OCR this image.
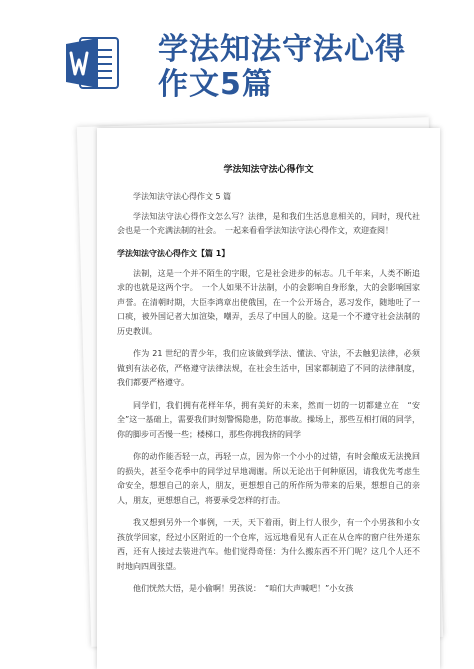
学法知法守法心得
作文5篇
学法知法守法心得作文
学法知法守法心得作文 5 篇
学法知法守法心得作文怎么写？法律，是和我们生活息息相关的，同时，现代社会也是一个充满法制的社会。　一起来看看学法知法守法心得作文，欢迎查阅！
学法知法守法心得作文【篇 1】
法制，这是一个并不陌生的字眼，它是社会进步的标志。几千年来，人类不断追求的也就是这两个字。　一个人如果不计法制，小的会影响自身形象，大的会影响国家声誉。在清朝时期，大臣李鸿章出使俄国，在一个公开场合，恶习发作，随地吐了一口痰，被外国记者大加渲染，嘲弄，丢尽了中国人的脸。这是一个不遵守社会法制的历史教训。
作为 21 世纪的青少年，我们应该做到学法、懂法、守法，不去触犯法律，必须做到有法必依，严格遵守法律法规，在社会生活中，国家都制造了不同的法律制度，我们都要严格遵守。
同学们，我们拥有花样年华，拥有美好的未来，然而一切的一切都建立在　“安全”这一基础上，需要我们时刻警惕隐患，防范事故。操场上，那些互相打闹的同学，你的脚步可否慢一些；楼梯口，那些你拥我挤的同学
你的动作能否轻一点，再轻一点，因为你一个小小的过错，有时会酿成无法挽回的损失，甚至令花季中的同学过早地凋谢。所以无论出于何种原因，请我优先考虑生命安全，想想自己的亲人，朋友，更想想自己的所作所为带来的后果，想想自己的亲人，朋友，更想想自己，将要承受怎样的打击。
我又想到另外一个事例，一天，天下着雨，街上行人很少，有一个小男孩和小女孩放学回家，经过小区附近的一个仓库，远远地看见有人正在从仓库的窗户往外递东西，还有人接过去装进汽车。他们觉得奇怪：为什么搬东西不开门呢？这几个人还不时地向四周张望。
他们恍然大悟，是小偷啊！男孩说：　“咱们大声喊吧！”小女孩
